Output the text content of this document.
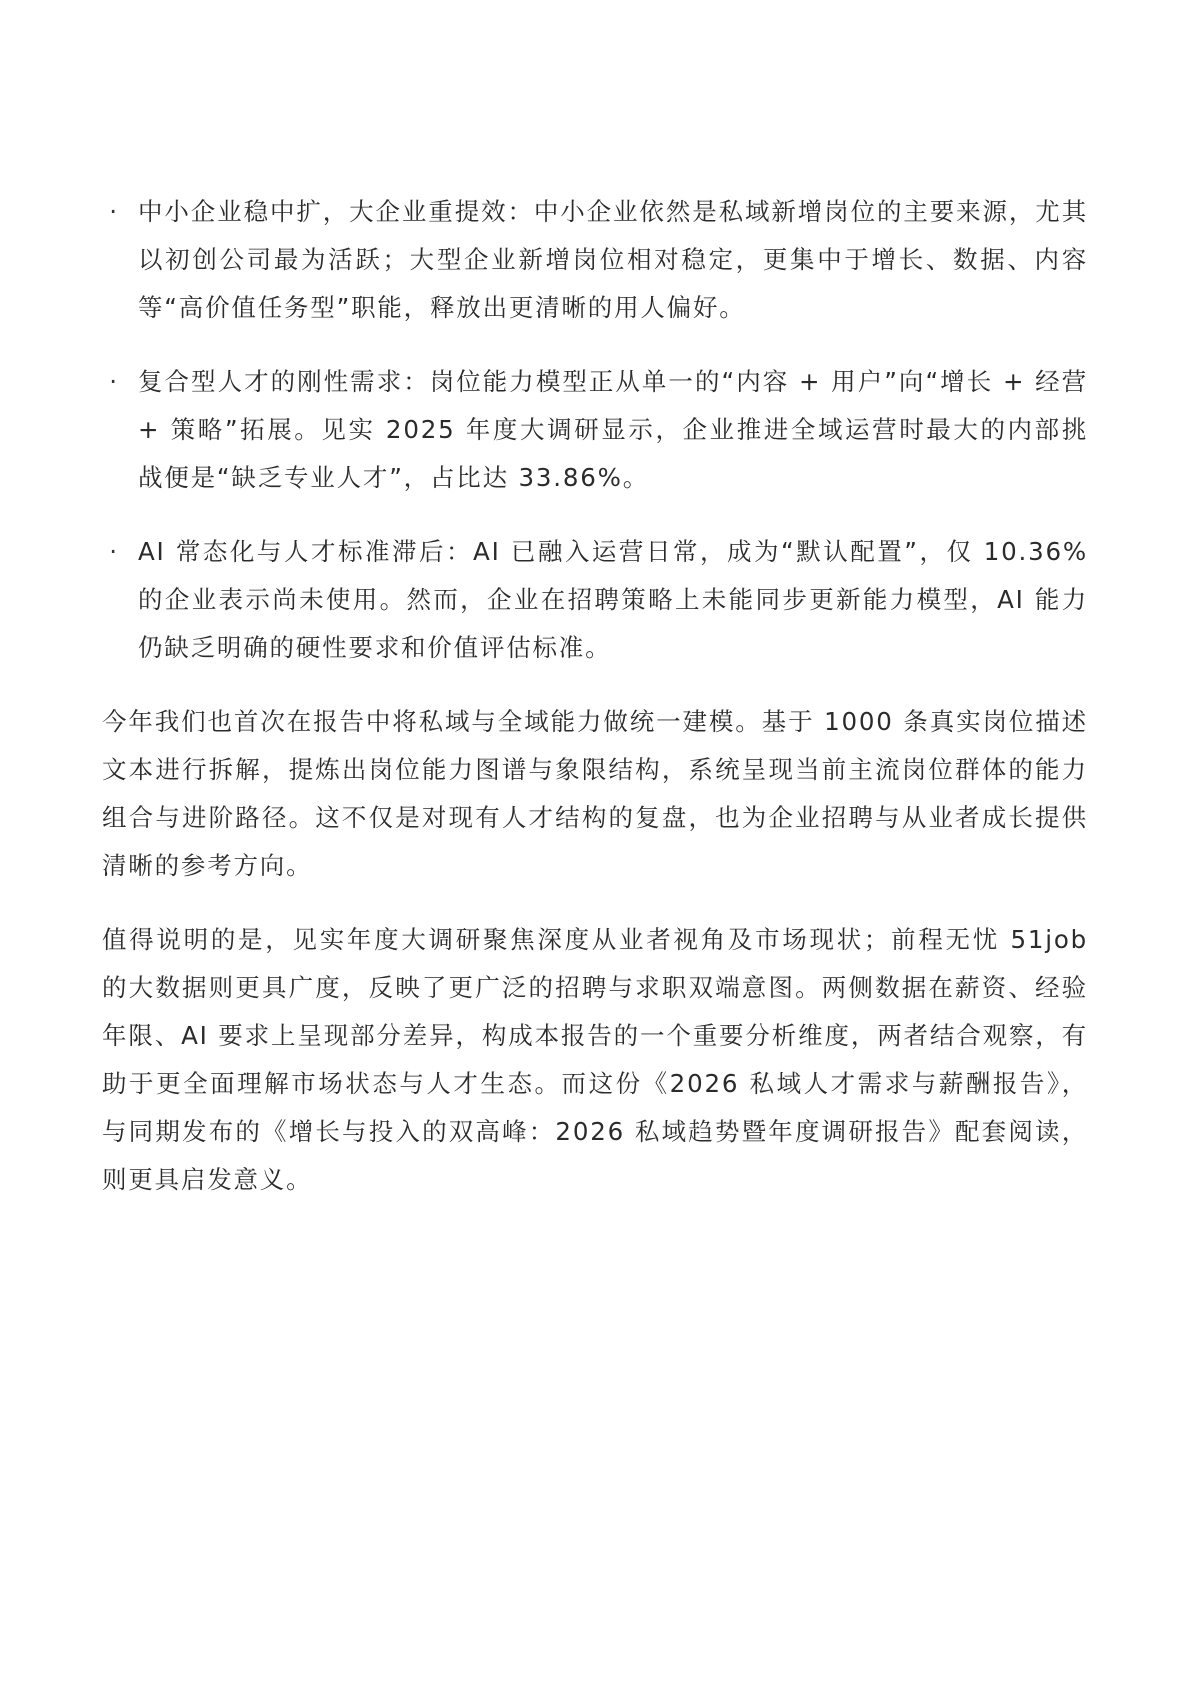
· 中小企业稳中扩，大企业重提效：中小企业依然是私域新增岗位的主要来源，尤其以初创公司最为活跃；大型企业新增岗位相对稳定，更集中于增长、数据、内容等“高价值任务型”职能，释放出更清晰的用人偏好。
· 复合型人才的刚性需求：岗位能力模型正从单一的“内容 + 用户”向“增长 + 经营 + 策略”拓展。见实 2025 年度大调研显示，企业推进全域运营时最大的内部挑战便是“缺乏专业人才”，占比达 33.86%。
· AI 常态化与人才标准滞后：AI 已融入运营日常，成为“默认配置”，仅 10.36% 的企业表示尚未使用。然而，企业在招聘策略上未能同步更新能力模型，AI 能力仍缺乏明确的硬性要求和价值评估标准。

今年我们也首次在报告中将私域与全域能力做统一建模。基于 1000 条真实岗位描述文本进行拆解，提炼出岗位能力图谱与象限结构，系统呈现当前主流岗位群体的能力组合与进阶路径。这不仅是对现有人才结构的复盘，也为企业招聘与从业者成长提供清晰的参考方向。

值得说明的是，见实年度大调研聚焦深度从业者视角及市场现状；前程无忧 51job 的大数据则更具广度，反映了更广泛的招聘与求职双端意图。两侧数据在薪资、经验年限、AI 要求上呈现部分差异，构成本报告的一个重要分析维度，两者结合观察，有助于更全面理解市场状态与人才生态。而这份《2026 私域人才需求与薪酬报告》，与同期发布的《增长与投入的双高峰：2026 私域趋势暨年度调研报告》配套阅读，则更具启发意义。
